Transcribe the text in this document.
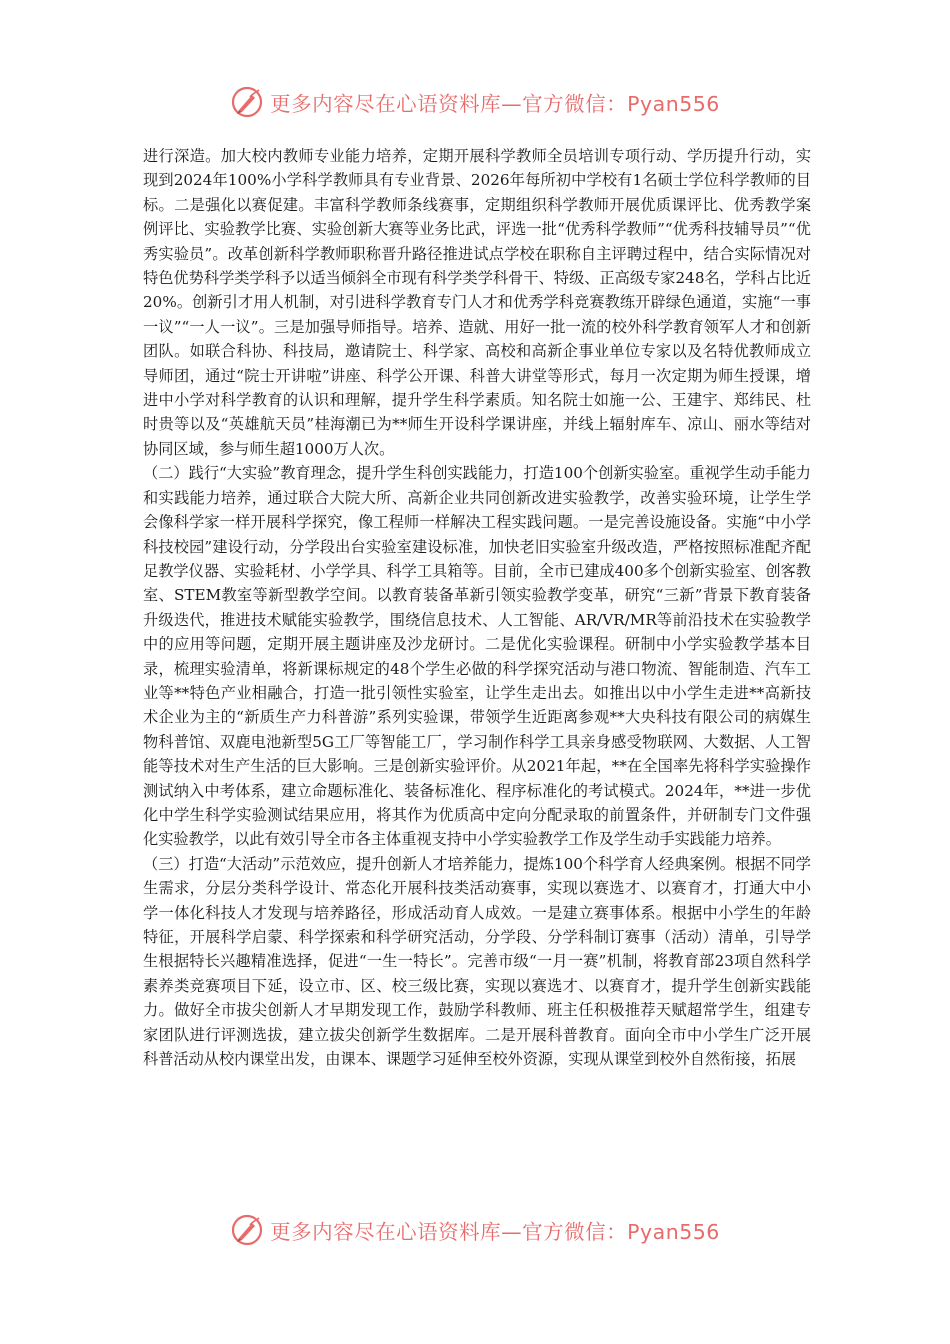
更多内容尽在心语资料库—官方微信：Pyan556

进行深造。加大校内教师专业能力培养，定期开展科学教师全员培训专项行动、学历提升行动，实现到2024年100%小学科学教师具有专业背景、2026年每所初中学校有1名硕士学位科学教师的目标。二是强化以赛促建。丰富科学教师条线赛事，定期组织科学教师开展优质课评比、优秀教学案例评比、实验教学比赛、实验创新大赛等业务比武，评选一批“优秀科学教师”“优秀科技辅导员”“优秀实验员”。改革创新科学教师职称晋升路径推进试点学校在职称自主评聘过程中，结合实际情况对特色优势科学类学科予以适当倾斜全市现有科学类学科骨干、特级、正高级专家248名，学科占比近20%。创新引才用人机制，对引进科学教育专门人才和优秀学科竞赛教练开辟绿色通道，实施“一事一议”“一人一议”。三是加强导师指导。培养、造就、用好一批一流的校外科学教育领军人才和创新团队。如联合科协、科技局，邀请院士、科学家、高校和高新企事业单位专家以及名特优教师成立导师团，通过“院士开讲啦”讲座、科学公开课、科普大讲堂等形式，每月一次定期为师生授课，增进中小学对科学教育的认识和理解，提升学生科学素质。知名院士如施一公、王建宇、郑纬民、杜时贵等以及“英雄航天员”桂海潮已为**师生开设科学课讲座，并线上辐射库车、凉山、丽水等结对协同区域，参与师生超1000万人次。

（二）践行“大实验”教育理念，提升学生科创实践能力，打造100个创新实验室。重视学生动手能力和实践能力培养，通过联合大院大所、高新企业共同创新改进实验教学，改善实验环境，让学生学会像科学家一样开展科学探究，像工程师一样解决工程实践问题。一是完善设施设备。实施“中小学科技校园”建设行动，分学段出台实验室建设标准，加快老旧实验室升级改造，严格按照标准配齐配足教学仪器、实验耗材、小学学具、科学工具箱等。目前，全市已建成400多个创新实验室、创客教室、STEM教室等新型教学空间。以教育装备革新引领实验教学变革，研究“三新”背景下教育装备升级迭代，推进技术赋能实验教学，围绕信息技术、人工智能、AR/VR/MR等前沿技术在实验教学中的应用等问题，定期开展主题讲座及沙龙研讨。二是优化实验课程。研制中小学实验教学基本目录，梳理实验清单，将新课标规定的48个学生必做的科学探究活动与港口物流、智能制造、汽车工业等**特色产业相融合，打造一批引领性实验室，让学生走出去。如推出以中小学生走进**高新技术企业为主的“新质生产力科普游”系列实验课，带领学生近距离参观**大央科技有限公司的病媒生物科普馆、双鹿电池新型5G工厂等智能工厂，学习制作科学工具亲身感受物联网、大数据、人工智能等技术对生产生活的巨大影响。三是创新实验评价。从2021年起，**在全国率先将科学实验操作测试纳入中考体系，建立命题标准化、装备标准化、程序标准化的考试模式。2024年，**进一步优化中学生科学实验测试结果应用，将其作为优质高中定向分配录取的前置条件，并研制专门文件强化实验教学，以此有效引导全市各主体重视支持中小学实验教学工作及学生动手实践能力培养。

（三）打造“大活动”示范效应，提升创新人才培养能力，提炼100个科学育人经典案例。根据不同学生需求，分层分类科学设计、常态化开展科技类活动赛事，实现以赛选才、以赛育才，打通大中小学一体化科技人才发现与培养路径，形成活动育人成效。一是建立赛事体系。根据中小学生的年龄特征，开展科学启蒙、科学探索和科学研究活动，分学段、分学科制订赛事（活动）清单，引导学生根据特长兴趣精准选择，促进“一生一特长”。完善市级“一月一赛”机制，将教育部23项自然科学素养类竞赛项目下延，设立市、区、校三级比赛，实现以赛选才、以赛育才，提升学生创新实践能力。做好全市拔尖创新人才早期发现工作，鼓励学科教师、班主任积极推荐天赋超常学生，组建专家团队进行评测选拔，建立拔尖创新学生数据库。二是开展科普教育。面向全市中小学生广泛开展科普活动从校内课堂出发，由课本、课题学习延伸至校外资源，实现从课堂到校外自然衔接，拓展

更多内容尽在心语资料库—官方微信：Pyan556
